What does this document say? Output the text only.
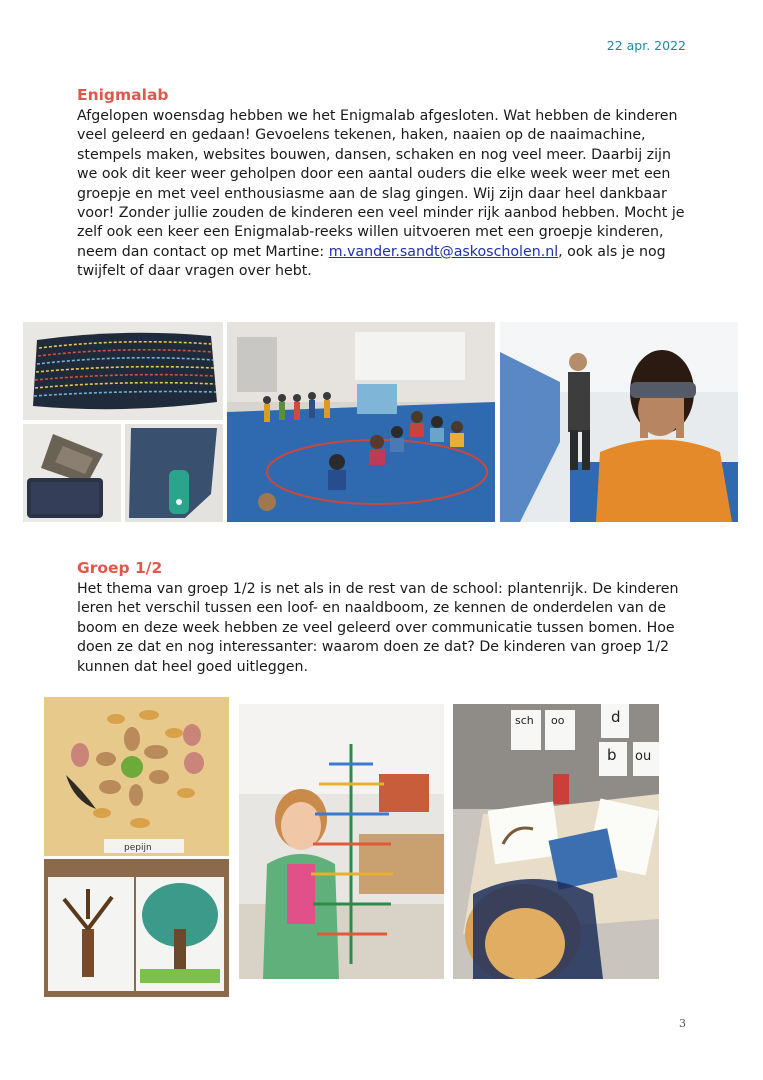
22 apr. 2022
Enigmalab

Afgelopen woensdag hebben we het Enigmalab afgesloten. Wat hebben de kinderen veel geleerd en gedaan! Gevoelens tekenen, haken, naaien op de naaimachine, stempels maken, websites bouwen, dansen, schaken en nog veel meer. Daarbij zijn we ook dit keer weer geholpen door een aantal ouders die elke week weer met een groepje en met veel enthousiasme aan de slag gingen. Wij zijn daar heel dankbaar voor! Zonder jullie zouden de kinderen een veel minder rijk aanbod hebben. Mocht je zelf ook een keer een Enigmalab-reeks willen uitvoeren met een groepje kinderen, neem dan contact op met Martine: m.vander.sandt@askoscholen.nl, ook als je nog twijfelt of daar vragen over hebt.

Groep 1/2

Het thema van groep 1/2 is net als in de rest van de school: plantenrijk. De kinderen leren het verschil tussen een loof- en naaldboom, ze kennen de onderdelen van de boom en deze week hebben ze veel geleerd over communicatie tussen bomen. Hoe doen ze dat en nog interessanter: waarom doen ze dat? De kinderen van groep 1/2 kunnen dat heel goed uitleggen.

pepijn
sch oo	d
b ou
3
